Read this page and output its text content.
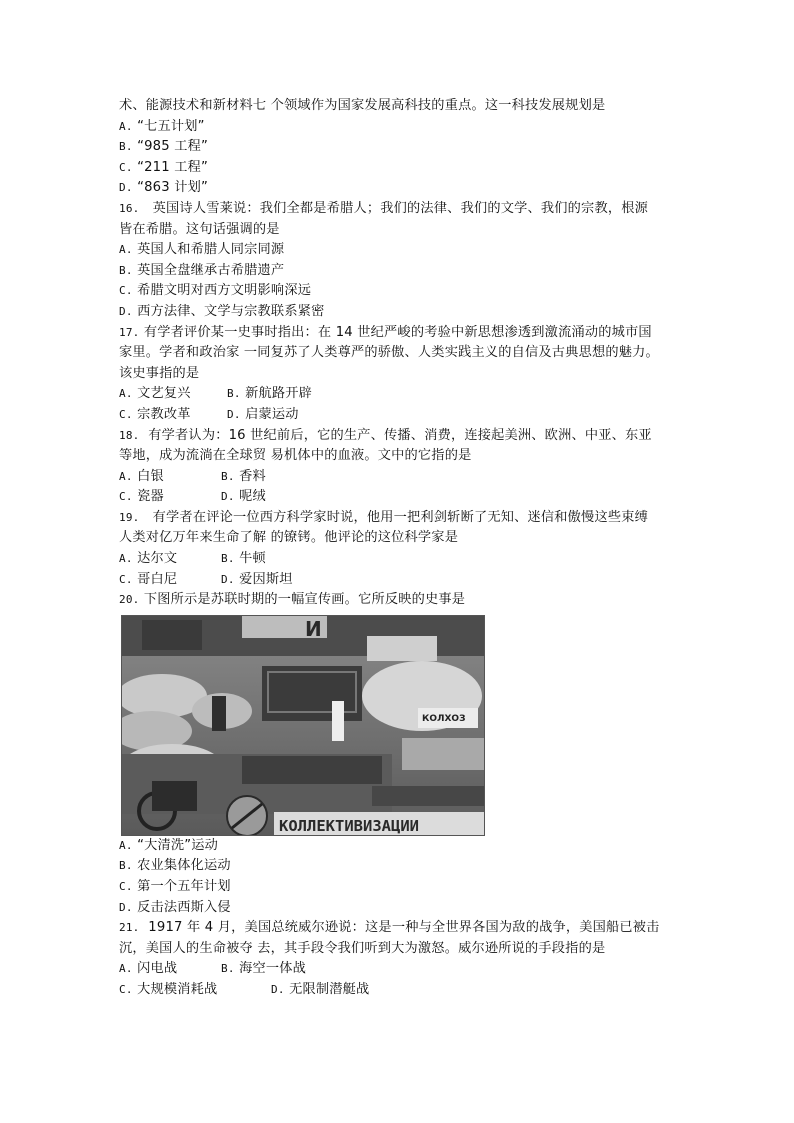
术、能源技术和新材料七 个领域作为国家发展高科技的重点。这一科技发展规划是
A. “七五计划”
B. “985 工程”
C. “211 工程”
D. “863 计划”
16. 英国诗人雪莱说：我们全都是希腊人；我们的法律、我们的文学、我们的宗教，根源
皆在希腊。这句话强调的是
A. 英国人和希腊人同宗同源
B. 英国全盘继承古希腊遗产
C. 希腊文明对西方文明影响深远
D. 西方法律、文学与宗教联系紧密
17. 有学者评价某一史事时指出：在 14 世纪严峻的考验中新思想渗透到激流涌动的城市国
家里。学者和政治家 一同复苏了人类尊严的骄傲、人类实践主义的自信及古典思想的魅力。
该史事指的是
A. 文艺复兴	B. 新航路开辟
C. 宗教改革	D. 启蒙运动
18. 有学者认为：16 世纪前后，它的生产、传播、消费，连接起美洲、欧洲、中亚、东亚
等地，成为流淌在全球贸 易机体中的血液。文中的它指的是
A. 白银	B. 香料
C. 瓷器	D. 呢绒
19. 有学者在评论一位西方科学家时说，他用一把利剑斩断了无知、迷信和傲慢这些束缚
人类对亿万年来生命了解 的镣铐。他评论的这位科学家是
A. 达尔文	B. 牛顿
C. 哥白尼	D. 爱因斯坦
20. 下图所示是苏联时期的一幅宣传画。它所反映的史事是
И
КОЛХОЗ
КОЛЛЕКТИВИЗАЦИИ
A. “大清洗”运动
B. 农业集体化运动
C. 第一个五年计划
D. 反击法西斯入侵
21. 1917 年 4 月，美国总统威尔逊说：这是一种与全世界各国为敌的战争，美国船已被击
沉，美国人的生命被夺 去，其手段令我们听到大为激怒。威尔逊所说的手段指的是
A. 闪电战	B. 海空一体战
C. 大规模消耗战	D. 无限制潜艇战
